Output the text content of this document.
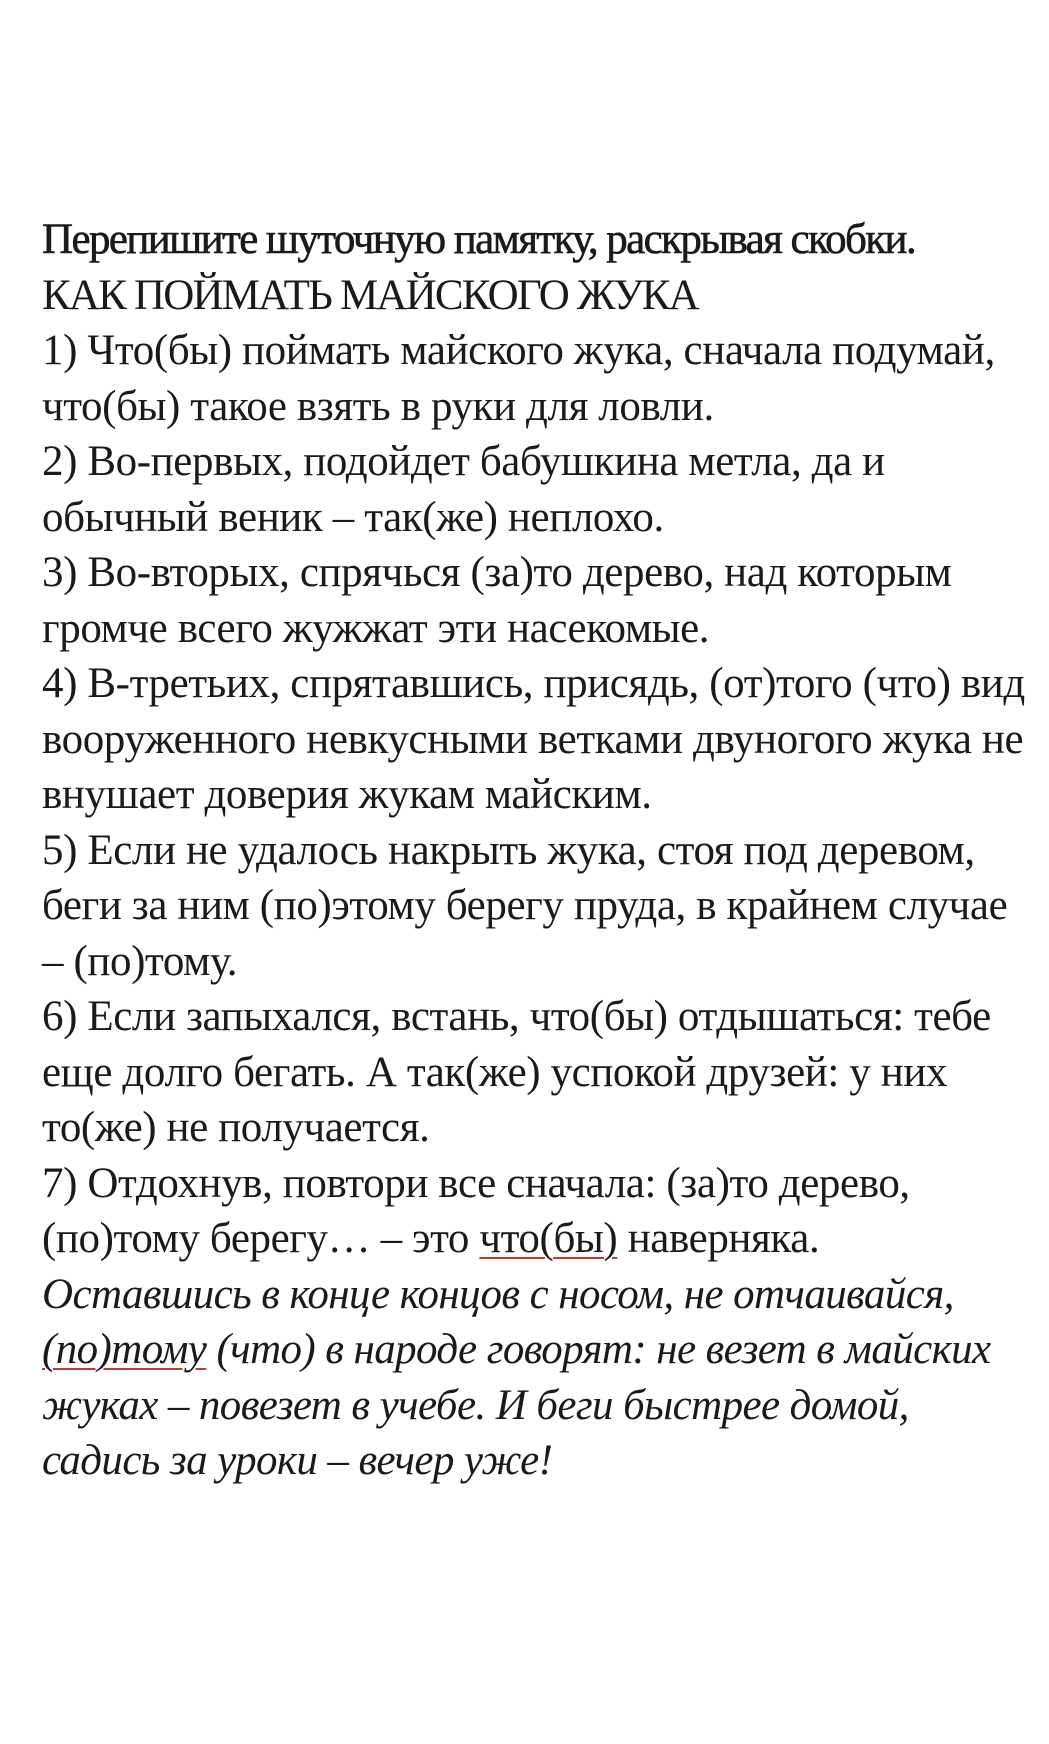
Перепишите шуточную памятку, раскрывая скобки.

КАК ПОЙМАТЬ МАЙСКОГО ЖУКА

1) Что(бы) поймать майского жука, сначала подумай, что(бы) такое взять в руки для ловли.

2) Во-первых, подойдет бабушкина метла, да и обычный веник – так(же) неплохо.

3) Во-вторых, спрячься (за)то дерево, над которым громче всего жужжат эти насекомые.

4) В-третьих, спрятавшись, присядь, (от)того (что) вид вооруженного невкусными ветками двуногого жука не внушает доверия жукам майским.

5) Если не удалось накрыть жука, стоя под деревом, беги за ним (по)этому берегу пруда, в крайнем случае – (по)тому.

6) Если запыхался, встань, что(бы) отдышаться: тебе еще долго бегать. А так(же) успокой друзей: у них то(же) не получается.

7) Отдохнув, повтори все сначала: (за)то дерево, (по)тому берегу… – это что(бы) наверняка.

Оставшись в конце концов с носом, не отчаивайся, (по)тому (что) в народе говорят: не везет в майских жуках – повезет в учебе. И беги быстрее домой, садись за уроки – вечер уже!
